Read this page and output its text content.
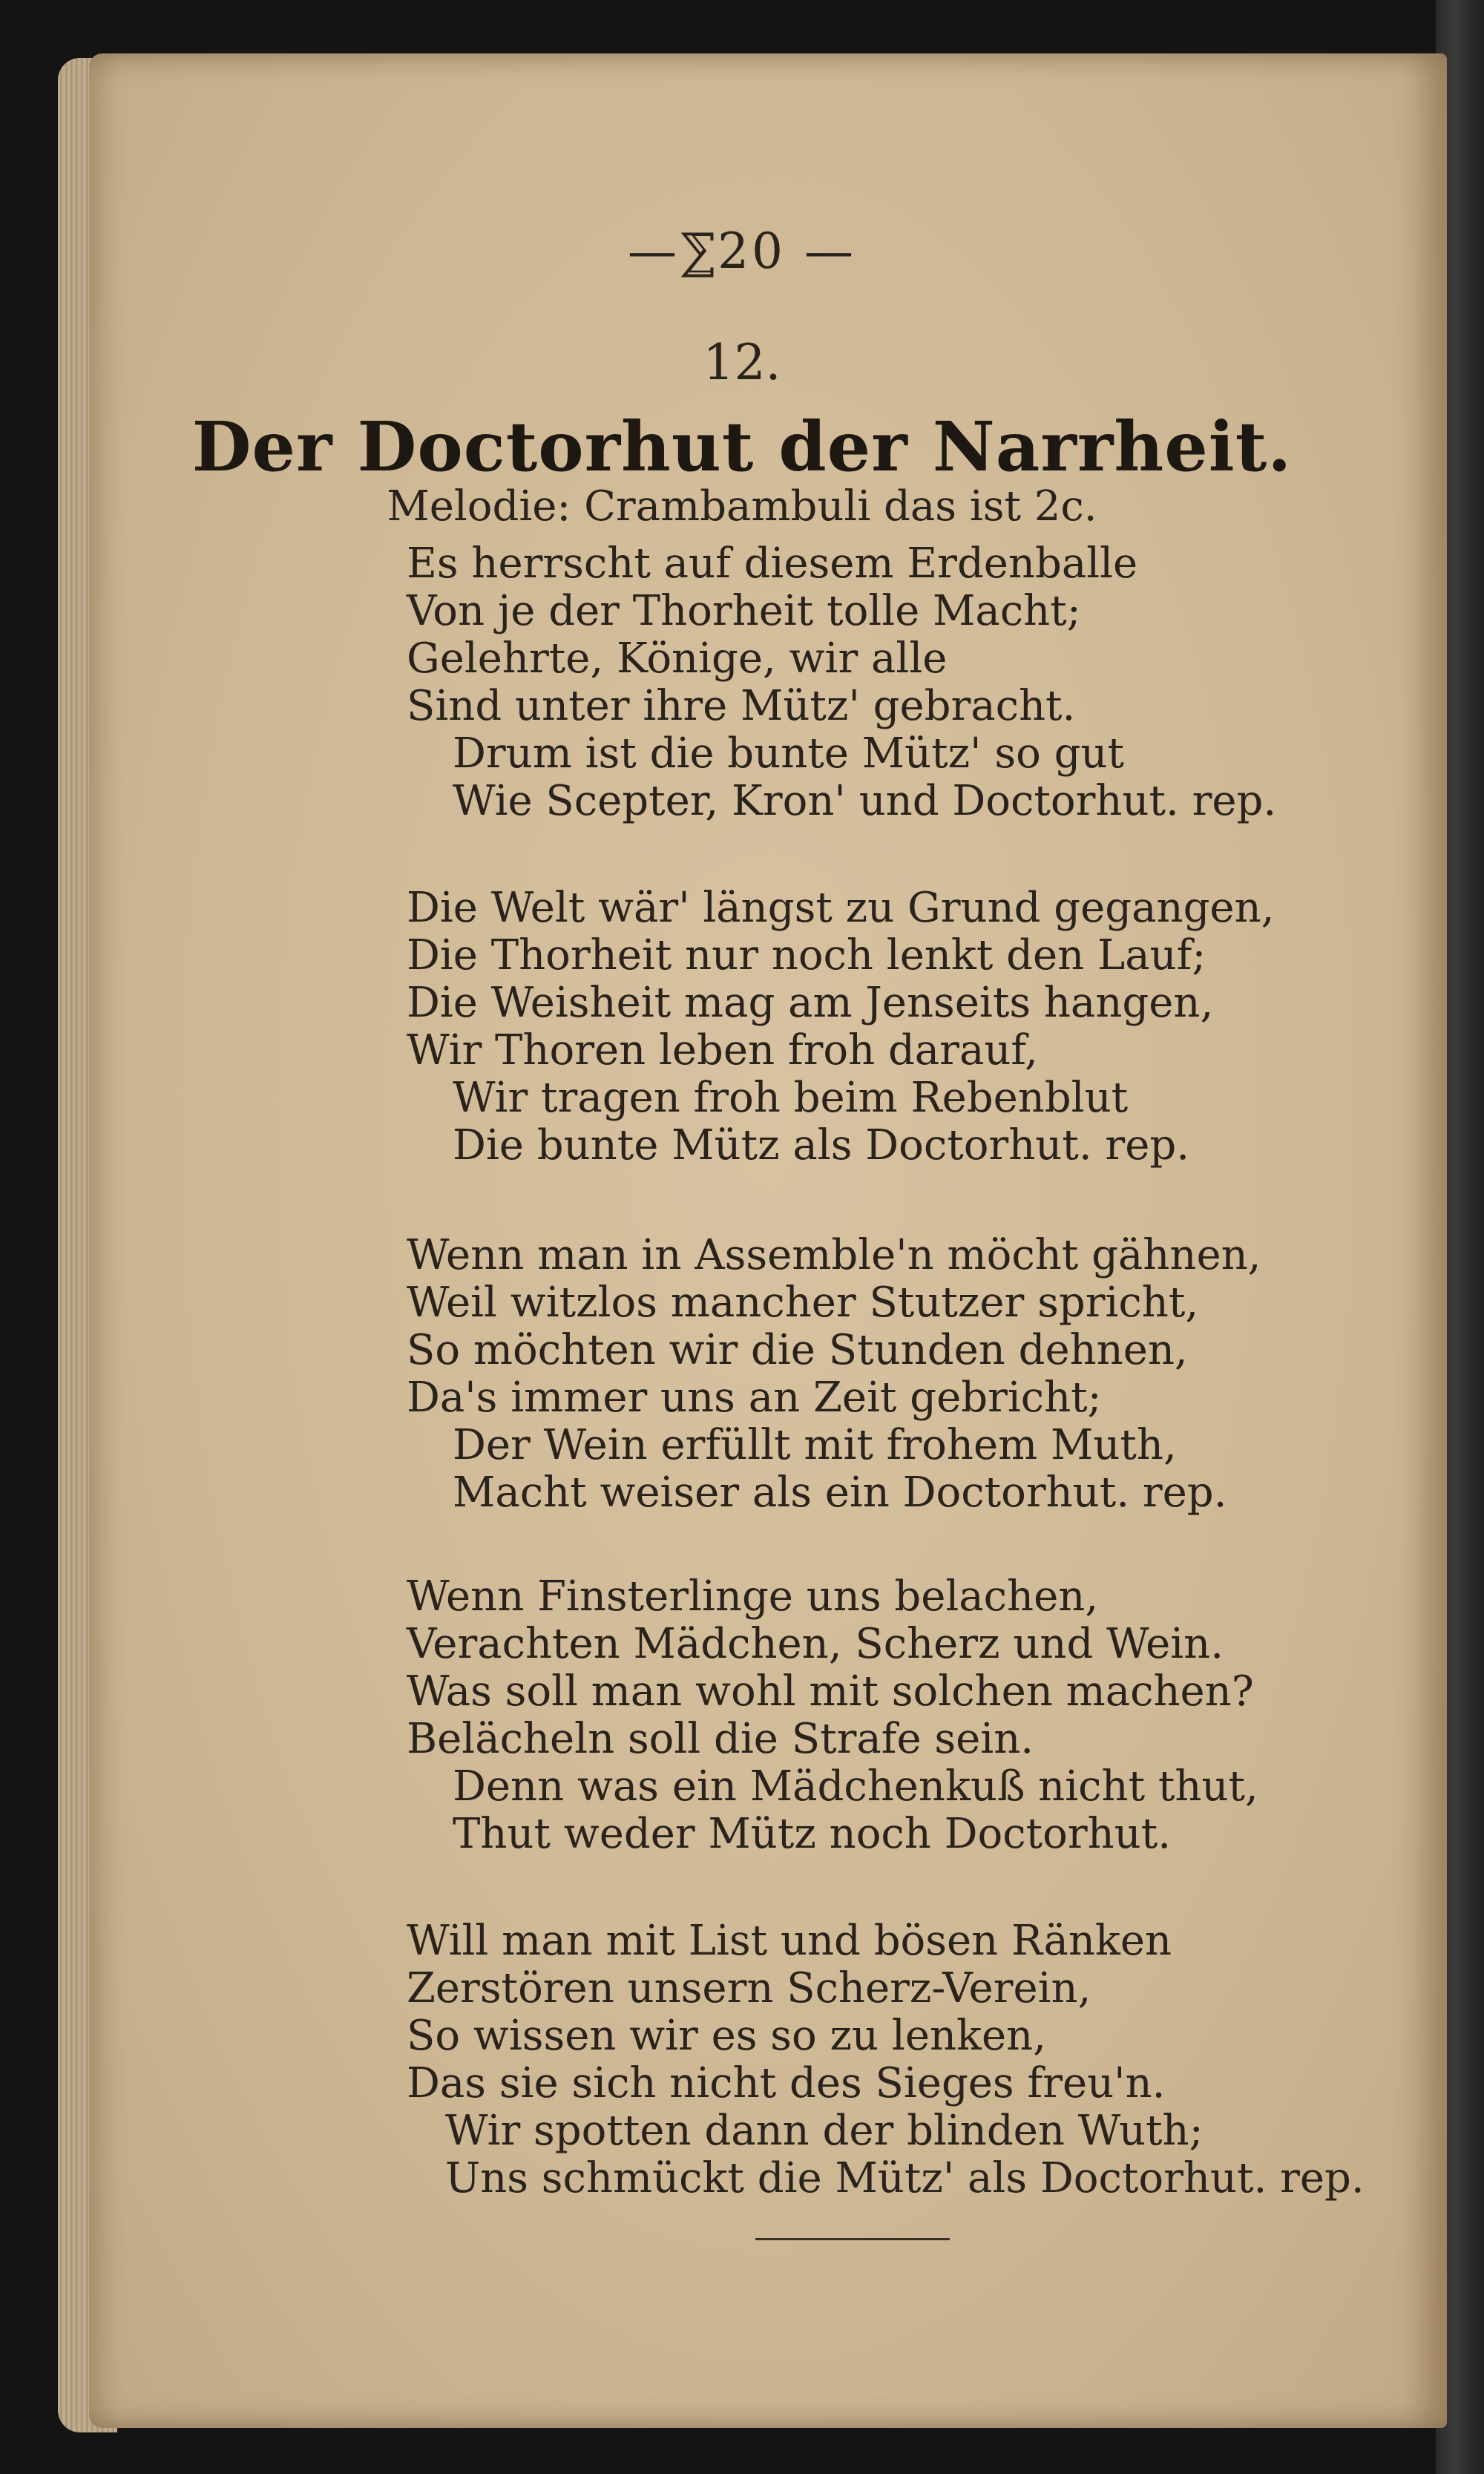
—⅀20 —
12.
Der Doctorhut der Narrheit.
Melodie: Crambambuli das ist 2c.
Es herrscht auf diesem Erdenballe
Von je der Thorheit tolle Macht;
Gelehrte, Könige, wir alle
Sind unter ihre Mütz' gebracht.
Drum ist die bunte Mütz' so gut
Wie Scepter, Kron' und Doctorhut. rep.
Die Welt wär' längst zu Grund gegangen,
Die Thorheit nur noch lenkt den Lauf;
Die Weisheit mag am Jenseits hangen,
Wir Thoren leben froh darauf,
Wir tragen froh beim Rebenblut
Die bunte Mütz als Doctorhut. rep.
Wenn man in Assemble'n möcht gähnen,
Weil witzlos mancher Stutzer spricht,
So möchten wir die Stunden dehnen,
Da's immer uns an Zeit gebricht;
Der Wein erfüllt mit frohem Muth,
Macht weiser als ein Doctorhut. rep.
Wenn Finsterlinge uns belachen,
Verachten Mädchen, Scherz und Wein.
Was soll man wohl mit solchen machen?
Belächeln soll die Strafe sein.
Denn was ein Mädchenkuß nicht thut,
Thut weder Mütz noch Doctorhut.
Will man mit List und bösen Ränken
Zerstören unsern Scherz-Verein,
So wissen wir es so zu lenken,
Das sie sich nicht des Sieges freu'n.
Wir spotten dann der blinden Wuth;
Uns schmückt die Mütz' als Doctorhut. rep.
